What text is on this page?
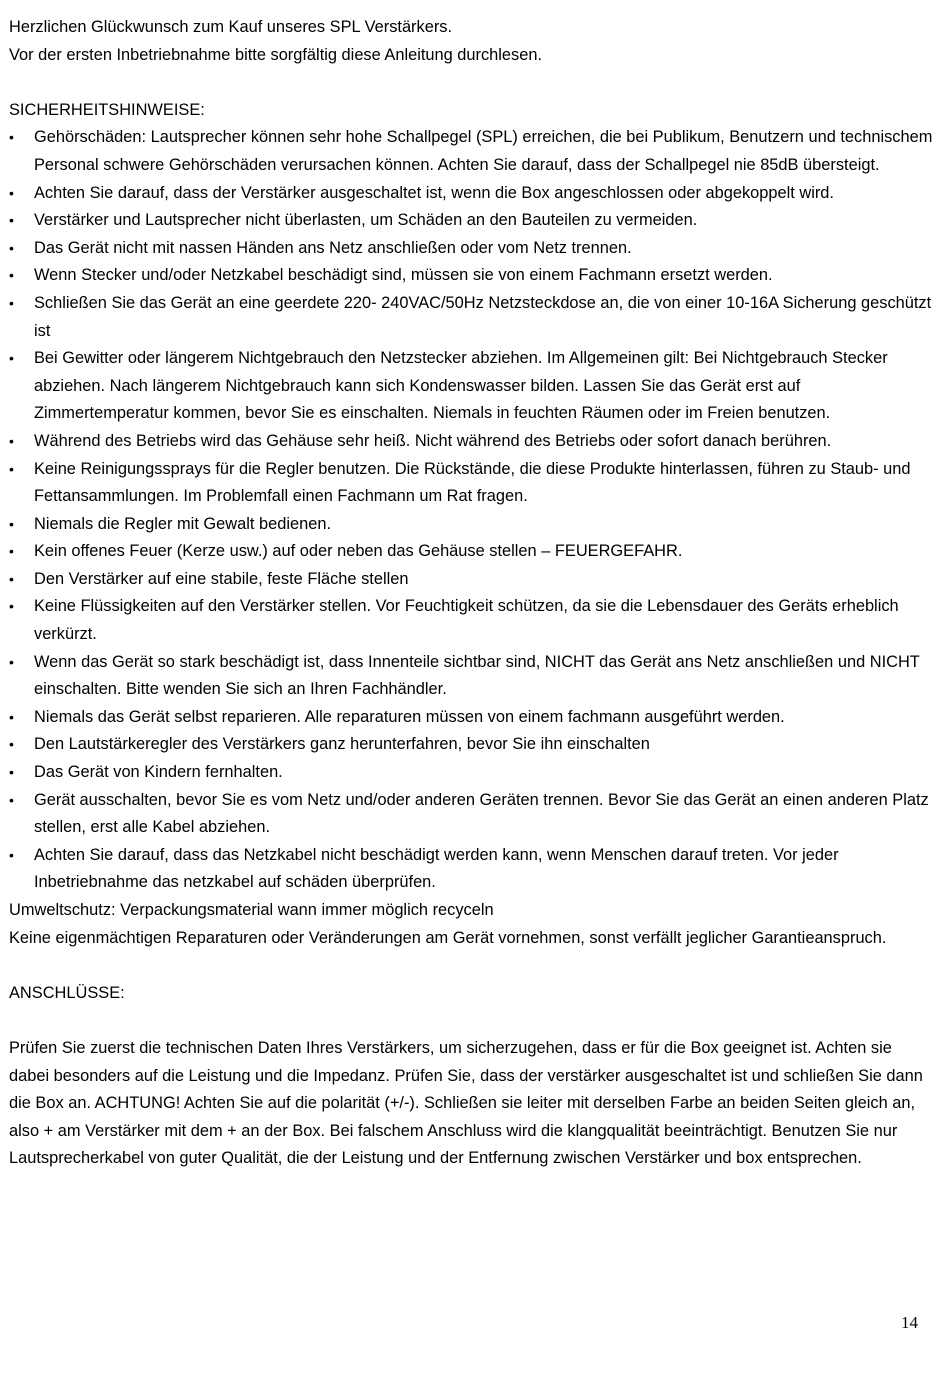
Herzlichen Glückwunsch zum Kauf unseres SPL Verstärkers.

Vor der ersten Inbetriebnahme bitte sorgfältig diese Anleitung durchlesen.

SICHERHEITSHINWEISE:

•	Gehörschäden: Lautsprecher können sehr hohe Schallpegel (SPL) erreichen, die bei Publikum, Benutzern und technischem Personal schwere Gehörschäden verursachen können. Achten Sie darauf, dass der Schallpegel nie 85dB übersteigt.
•	Achten Sie darauf, dass der Verstärker ausgeschaltet ist, wenn die Box angeschlossen oder abgekoppelt wird.
•	Verstärker und Lautsprecher nicht überlasten, um Schäden an den Bauteilen zu vermeiden.
•	Das Gerät nicht mit nassen Händen ans Netz anschließen oder vom Netz trennen.
•	Wenn Stecker und/oder Netzkabel beschädigt sind, müssen sie von einem Fachmann ersetzt werden.
•	Schließen Sie das Gerät an eine geerdete 220- 240VAC/50Hz Netzsteckdose an, die von einer 10-16A Sicherung geschützt ist
•	Bei Gewitter oder längerem Nichtgebrauch den Netzstecker abziehen. Im Allgemeinen gilt: Bei Nichtgebrauch Stecker abziehen. Nach längerem Nichtgebrauch kann sich Kondenswasser bilden. Lassen Sie das Gerät erst auf Zimmertemperatur kommen, bevor Sie es einschalten. Niemals in feuchten Räumen oder im Freien benutzen.
•	Während des Betriebs wird das Gehäuse sehr heiß. Nicht während des Betriebs oder sofort danach berühren.
•	Keine Reinigungssprays für die Regler benutzen. Die Rückstände, die diese Produkte hinterlassen, führen zu Staub- und Fettansammlungen. Im Problemfall einen Fachmann um Rat fragen.
•	Niemals die Regler mit Gewalt bedienen.
•	Kein offenes Feuer (Kerze usw.) auf oder neben das Gehäuse stellen – FEUERGEFAHR.
•	Den Verstärker auf eine stabile, feste Fläche stellen
•	Keine Flüssigkeiten auf den Verstärker stellen. Vor Feuchtigkeit schützen, da sie die Lebensdauer des Geräts erheblich verkürzt.
•	Wenn das Gerät so stark beschädigt ist, dass Innenteile sichtbar sind, NICHT das Gerät ans Netz anschließen und NICHT einschalten. Bitte wenden Sie sich an Ihren Fachhändler.
•	Niemals das Gerät selbst reparieren. Alle reparaturen müssen von einem fachmann ausgeführt werden.
•	Den Lautstärkeregler des Verstärkers ganz herunterfahren, bevor Sie ihn einschalten
•	Das Gerät von Kindern fernhalten.
•	Gerät ausschalten, bevor Sie es vom Netz und/oder anderen Geräten trennen. Bevor Sie das Gerät an einen anderen Platz stellen, erst alle Kabel abziehen.
•	Achten Sie darauf, dass das Netzkabel nicht beschädigt werden kann, wenn Menschen darauf treten. Vor jeder Inbetriebnahme das netzkabel auf schäden überprüfen.

Umweltschutz: Verpackungsmaterial wann immer möglich recyceln

Keine eigenmächtigen Reparaturen oder Veränderungen am Gerät vornehmen, sonst verfällt jeglicher Garantieanspruch.

ANSCHLÜSSE:

Prüfen Sie zuerst die technischen Daten Ihres Verstärkers, um sicherzugehen, dass er für die Box geeignet ist. Achten sie dabei besonders auf die Leistung und die Impedanz. Prüfen Sie, dass der verstärker ausgeschaltet ist und schließen Sie dann die Box an. ACHTUNG! Achten Sie auf die polarität (+/-). Schließen sie leiter mit derselben Farbe an beiden Seiten gleich an, also + am Verstärker mit dem + an der Box. Bei falschem Anschluss wird die klangqualität beeinträchtigt. Benutzen Sie nur Lautsprecherkabel von guter Qualität, die der Leistung und der Entfernung zwischen Verstärker und box entsprechen.

14
